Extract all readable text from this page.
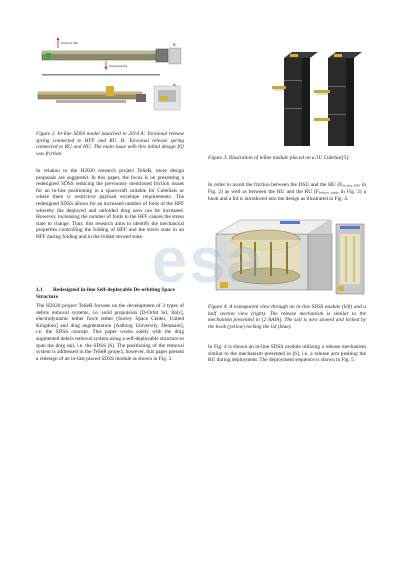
A
B
Friction in HFF
Torsional spring
Figure 2. In-line SDSS model launched in 2014 A: Torsional release spring connected to HFF and RU. B: Torsional release spring connected to RU and HU. The main issue with this initial design [6] was friction.
In relation to the H2020 research project TeSeR, more design proposals are suggested. In this paper, the focus is on presenting a redesigned SDSS reducing the previously mentioned friction issues for an in-line positioning in a spacecraft suitable for CubeSats or where there is restrictive payload envelope requirements. The redesigned SDSS allows for an increased number of folds of the HFF whereby the deployed and unfolded drag area can be increased. However, increasing the number of folds in the HFF causes the stress state to change. Thus, this research aims to identify the mechanical properties controlling the folding of HFF and the stress state in an HFF during folding and in the folded stowed state.
1.1 Redesigned in-line Self-deployable De-orbiting Space Structure
The H2020 project TeSeR focuses on the development of 3 types of debris removal systems, i.e. solid propulsion [D-Orbit Srl, Italy], electrodynamic tether force tether [Surrey Space Center, United Kingdom] and drag augmentation [Aalborg University, Denmark], i.e. the SDSS concept. This paper works solely with the drag augmented debris removal system using a self-deployable structure to span the drag sail, i.e. the SDSS [6]. The positioning of the removal system is addressed in the TeSeR project, however, this paper present a redesign of an in-line placed SDSS module as shown in Fig. 3.
Figure 3. Illustration of inline module placed on a 3U CubeSat[5].
In order to avoid the friction between the DSU and the HU (Ffriction, HFF in Fig. 2) as well as between the HU and the RU (Ffriction, guide in Fig. 2) a hook and a lid is introduced into the design as illustrated in Fig. 4.
Figure 4. A transparent view through an in-line SDSS module (left) and a half section view (right). The release mechanism is similar to the mechanism presented in [2 AAIA]. The sail is now stowed and locked by the hook (yellow) locking the lid (blue).
In Fig. 4 is shown an in-line SDSS module utilizing a release mechanism similar to the mechanism presented in [6], i.e. a release arm pushing the RU during deployment. The deployment sequence is shown in Fig. 5.
esa
